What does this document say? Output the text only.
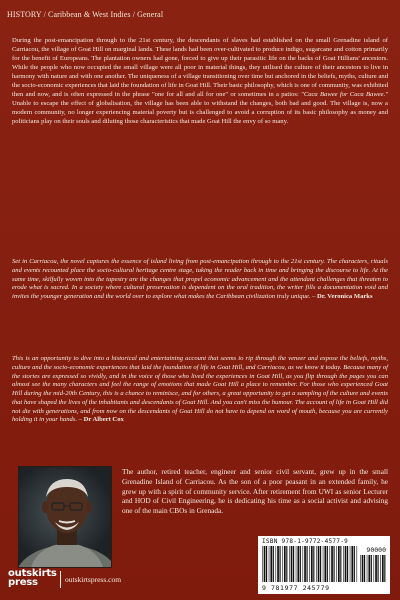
HISTORY / Caribbean & West Indies / General
During the post-emancipation through to the 21st century, the descendants of slaves had established on the small Grenadine island of Carriacou, the village of Goat Hill on marginal lands. These lands had been over-cultivated to produce indigo, sugarcane and cotton primarily for the benefit of Europeans. The plantation owners had gone, forced to give up their parasitic life on the backs of Goat Hillians' ancestors. While the people who now occupied the small village were all poor in material things, they utilised the culture of their ancestors to live in harmony with nature and with one another. The uniqueness of a village transitioning over time but anchored in the beliefs, myths, culture and the socio-economic experiences that laid the foundation of life in Goat Hill. Their basic philosophy, which is one of community, was exhibited then and now, and is often expressed in the phrase "one for all and all for one" or sometimes in a patios: "Caca Bawee for Caca Bawee." Unable to escape the effect of globalisation, the village has been able to withstand the changes, both bad and good. The village is, now a modern community, no longer experiencing material poverty but is challenged to avoid a corruption of its basic philosophy as money and politicians play on their souls and diluting those characteristics that made Goat Hill the envy of so many.
Set in Carriacou, the novel captures the essence of island living from post-emancipation through to the 21st century. The characters, rituals and events recounted place the socio-cultural heritage centre stage, taking the reader back in time and bringing the discourse to life. At the same time, skilfully woven into the tapestry are the changes that propel economic advancement and the attendant challenges that threaten to erode what is sacred. In a society where cultural preservation is dependent on the oral tradition, the writer fills a documentation void and invites the younger generation and the world over to explore what makes the Caribbean civilization truly unique. – Dr. Veronica Marks
This is an opportunity to dive into a historical and entertaining account that seems to rip through the veneer and expose the beliefs, myths, culture and the socio-economic experiences that laid the foundation of life in Goat Hill, and Carriacou, as we know it today. Because many of the stories are expressed so vividly, and in the voice of those who lived the experiences in Goat Hill, as you flip through the pages you can almost see the many characters and feel the range of emotions that made Goat Hill a place to remember. For those who experienced Goat Hill during the mid-20th Century, this is a chance to reminisce, and for others, a great opportunity to get a sampling of the culture and events that have shaped the lives of the inhabitants and descendants of Goat Hill. And you can't miss the humour. The account of life in Goat Hill did not die with generations, and from now on the descendants of Goat Hill do not have to depend on word of mouth, because you are currently holding it in your hands. – Dr Albert Cox
The author, retired teacher, engineer and senior civil servant, grew up in the small Grenadine Island of Carriacou. As the son of a poor peasant in an extended family, he grew up with a spirit of community service. After retirement from UWI as senior Lecturer and HOD of Civil Engineering, he is dedicating his time as a social activist and advising one of the main CBOs in Grenada.
ISBN 978-1-9772-4577-9
90000
9 781977 245779
outskirts
press	outskirtspress.com
